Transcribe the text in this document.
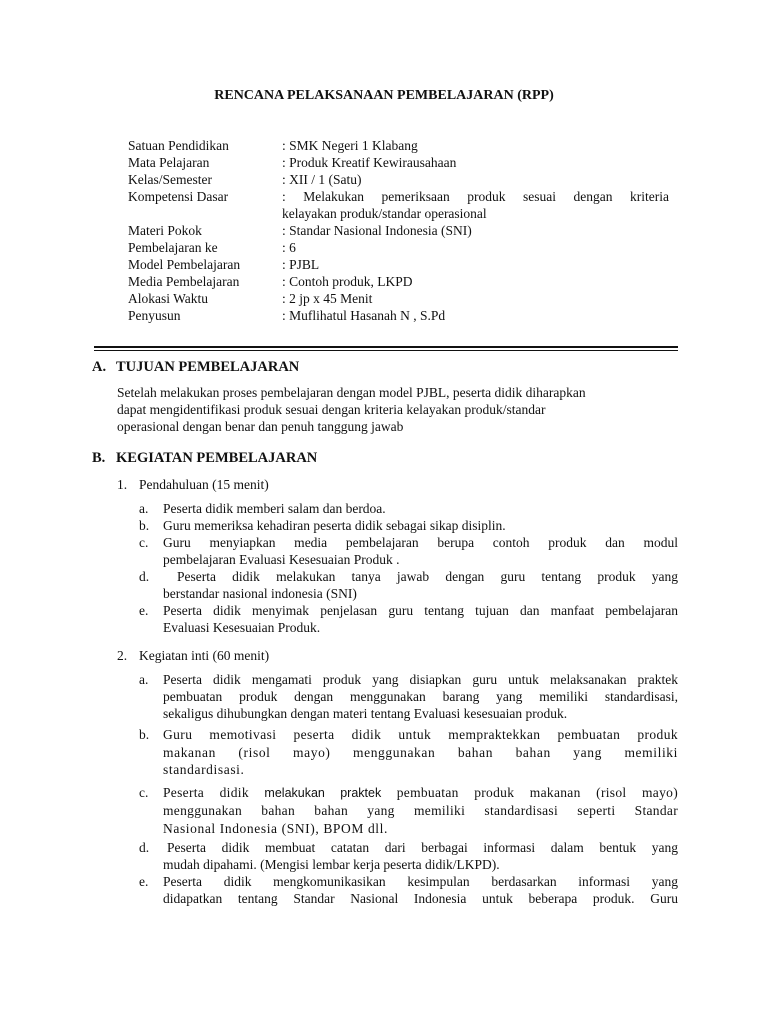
RENCANA PELAKSANAAN PEMBELAJARAN (RPP)
Satuan Pendidikan	: SMK Negeri 1 Klabang
Mata Pelajaran	: Produk Kreatif Kewirausahaan
Kelas/Semester	: XII / 1 (Satu)
Kompetensi Dasar	: Melakukan pemeriksaan produk sesuai dengan kriteria
kelayakan produk/standar operasional
Materi Pokok	: Standar Nasional Indonesia (SNI)
Pembelajaran ke	: 6
Model Pembelajaran	: PJBL
Media Pembelajaran	: Contoh produk, LKPD
Alokasi Waktu	: 2 jp x 45 Menit
Penyusun	: Muflihatul Hasanah N , S.Pd
A. TUJUAN PEMBELAJARAN
Setelah melakukan proses pembelajaran dengan model PJBL, peserta didik diharapkan
dapat mengidentifikasi produk sesuai dengan kriteria kelayakan produk/standar
operasional dengan benar dan penuh tanggung jawab
B. KEGIATAN PEMBELAJARAN
1. Pendahuluan (15 menit)
a.	Peserta didik memberi salam dan berdoa.
b.	Guru memeriksa kehadiran peserta didik sebagai sikap disiplin.
c.	Guru menyiapkan media pembelajaran berupa contoh produk dan modul
pembelajaran Evaluasi Kesesuaian Produk .
d.	Peserta didik melakukan tanya jawab dengan guru tentang produk yang
berstandar nasional indonesia (SNI)
e.	Peserta didik menyimak penjelasan guru tentang tujuan dan manfaat pembelajaran
Evaluasi Kesesuaian Produk.
2. Kegiatan inti (60 menit)
a.	Peserta didik mengamati produk yang disiapkan guru untuk melaksanakan praktek
pembuatan produk dengan menggunakan barang yang memiliki standardisasi,
sekaligus dihubungkan dengan materi tentang Evaluasi kesesuaian produk.
b.	Guru memotivasi peserta didik untuk mempraktekkan pembuatan produk
makanan (risol mayo) menggunakan bahan bahan yang memiliki
standardisasi.
c.	Peserta didik melakukan praktek pembuatan produk makanan (risol mayo)
menggunakan bahan bahan yang memiliki standardisasi seperti Standar
Nasional Indonesia (SNI), BPOM dll.
d.	Peserta didik membuat catatan dari berbagai informasi dalam bentuk yang
mudah dipahami. (Mengisi lembar kerja peserta didik/LKPD).
e.	Peserta didik mengkomunikasikan kesimpulan berdasarkan informasi yang
didapatkan tentang Standar Nasional Indonesia untuk beberapa produk. Guru
